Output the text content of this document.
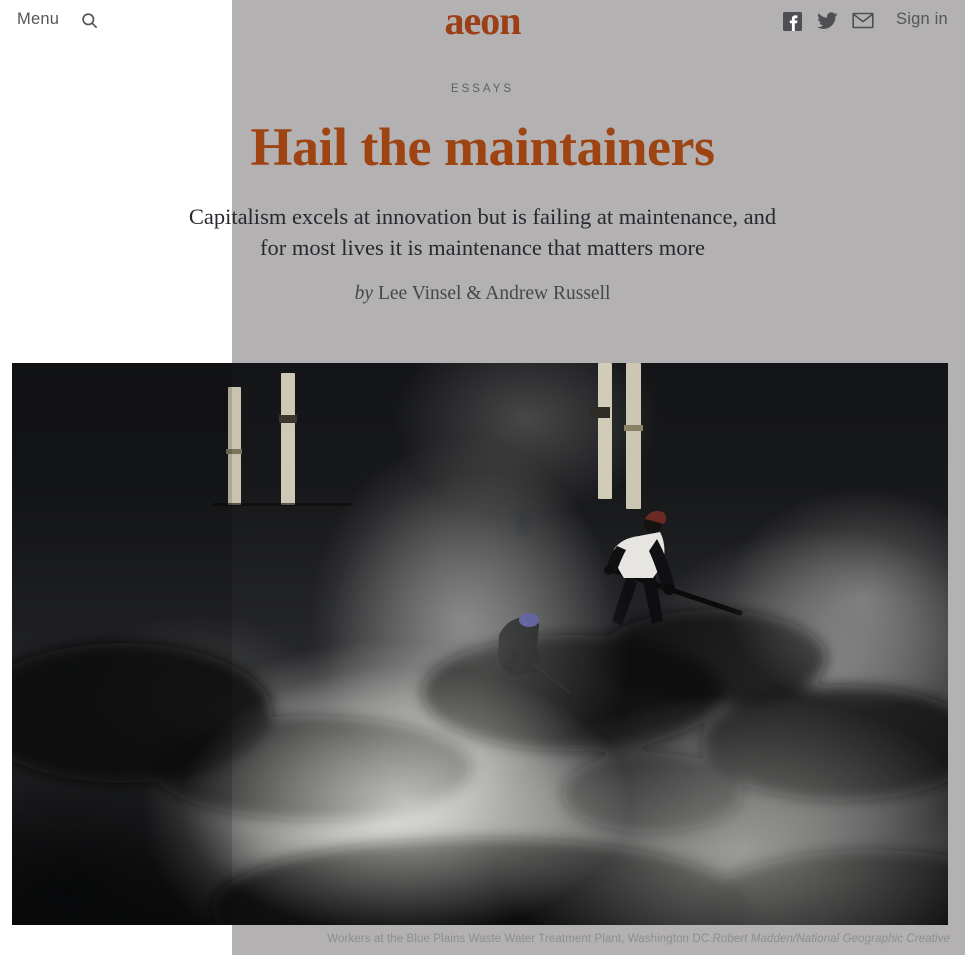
Menu	aeon	Sign in
ESSAYS
Hail the maintainers

Capitalism excels at innovation but is failing at maintenance, and
for most lives it is maintenance that matters more

by Lee Vinsel & Andrew Russell
Workers at the Blue Plains Waste Water Treatment Plant, Washington DC.Robert Madden/National Geographic Creative
